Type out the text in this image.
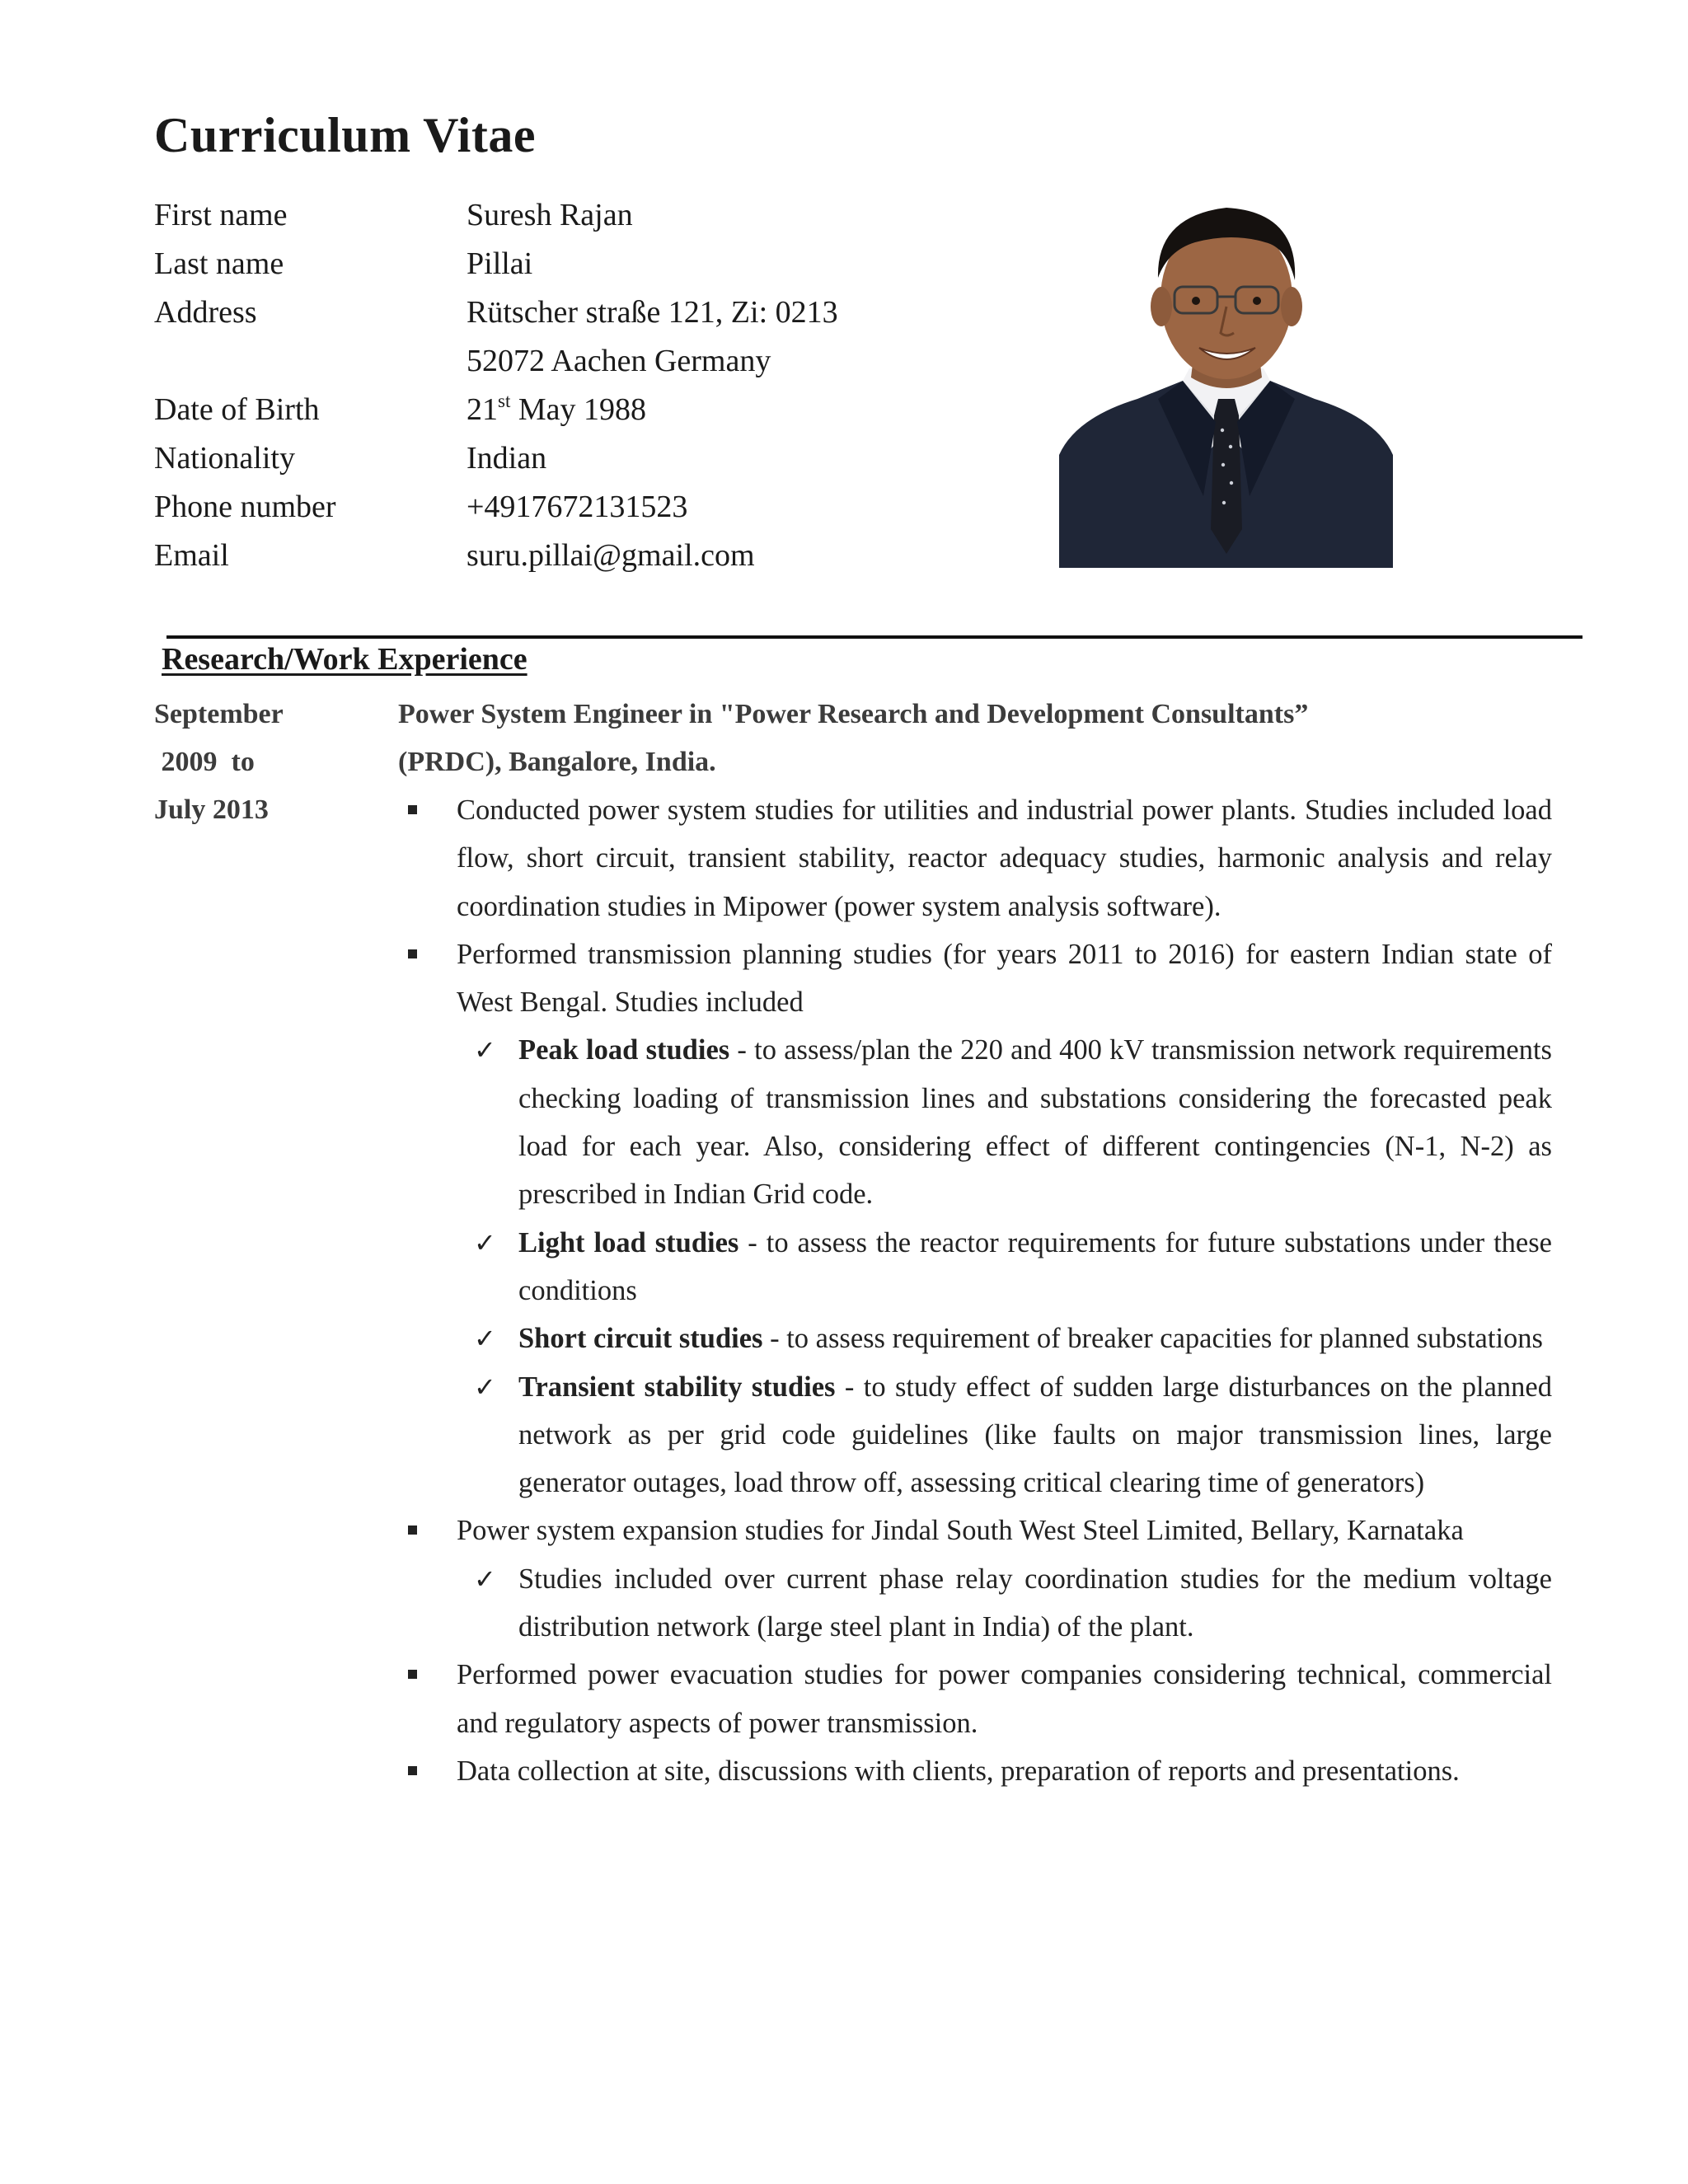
Curriculum Vitae
First name	Suresh Rajan
Last name	Pillai
Address	Rütscher straße 121, Zi: 0213
52072 Aachen Germany
Date of Birth	21st May 1988
Nationality	Indian
Phone number	+4917672131523
Email	suru.pillai@gmail.com
Research/Work Experience
September
2009  to
July 2013
Power System Engineer in "Power Research and Development Consultants”
(PRDC), Bangalore, India.
Conducted power system studies for utilities and industrial power plants. Studies included load flow, short circuit, transient stability, reactor adequacy studies, harmonic analysis and relay coordination studies in Mipower (power system analysis software).
Performed transmission planning studies (for years 2011 to 2016) for eastern Indian state of West Bengal. Studies included
✓ Peak load studies - to assess/plan the 220 and 400 kV transmission network requirements checking loading of transmission lines and substations considering the forecasted peak load for each year. Also, considering effect of different contingencies (N-1, N-2) as prescribed in Indian Grid code.
✓ Light load studies - to assess the reactor requirements for future substations under these conditions
✓ Short circuit studies - to assess requirement of breaker capacities for planned substations
✓ Transient stability studies - to study effect of sudden large disturbances on the planned network as per grid code guidelines (like faults on major transmission lines, large generator outages, load throw off, assessing critical clearing time of generators)
Power system expansion studies for Jindal South West Steel Limited, Bellary, Karnataka
✓ Studies included over current phase relay coordination studies for the medium voltage distribution network (large steel plant in India) of the plant.
Performed power evacuation studies for power companies considering technical, commercial and regulatory aspects of power transmission.
Data collection at site, discussions with clients, preparation of reports and presentations.
